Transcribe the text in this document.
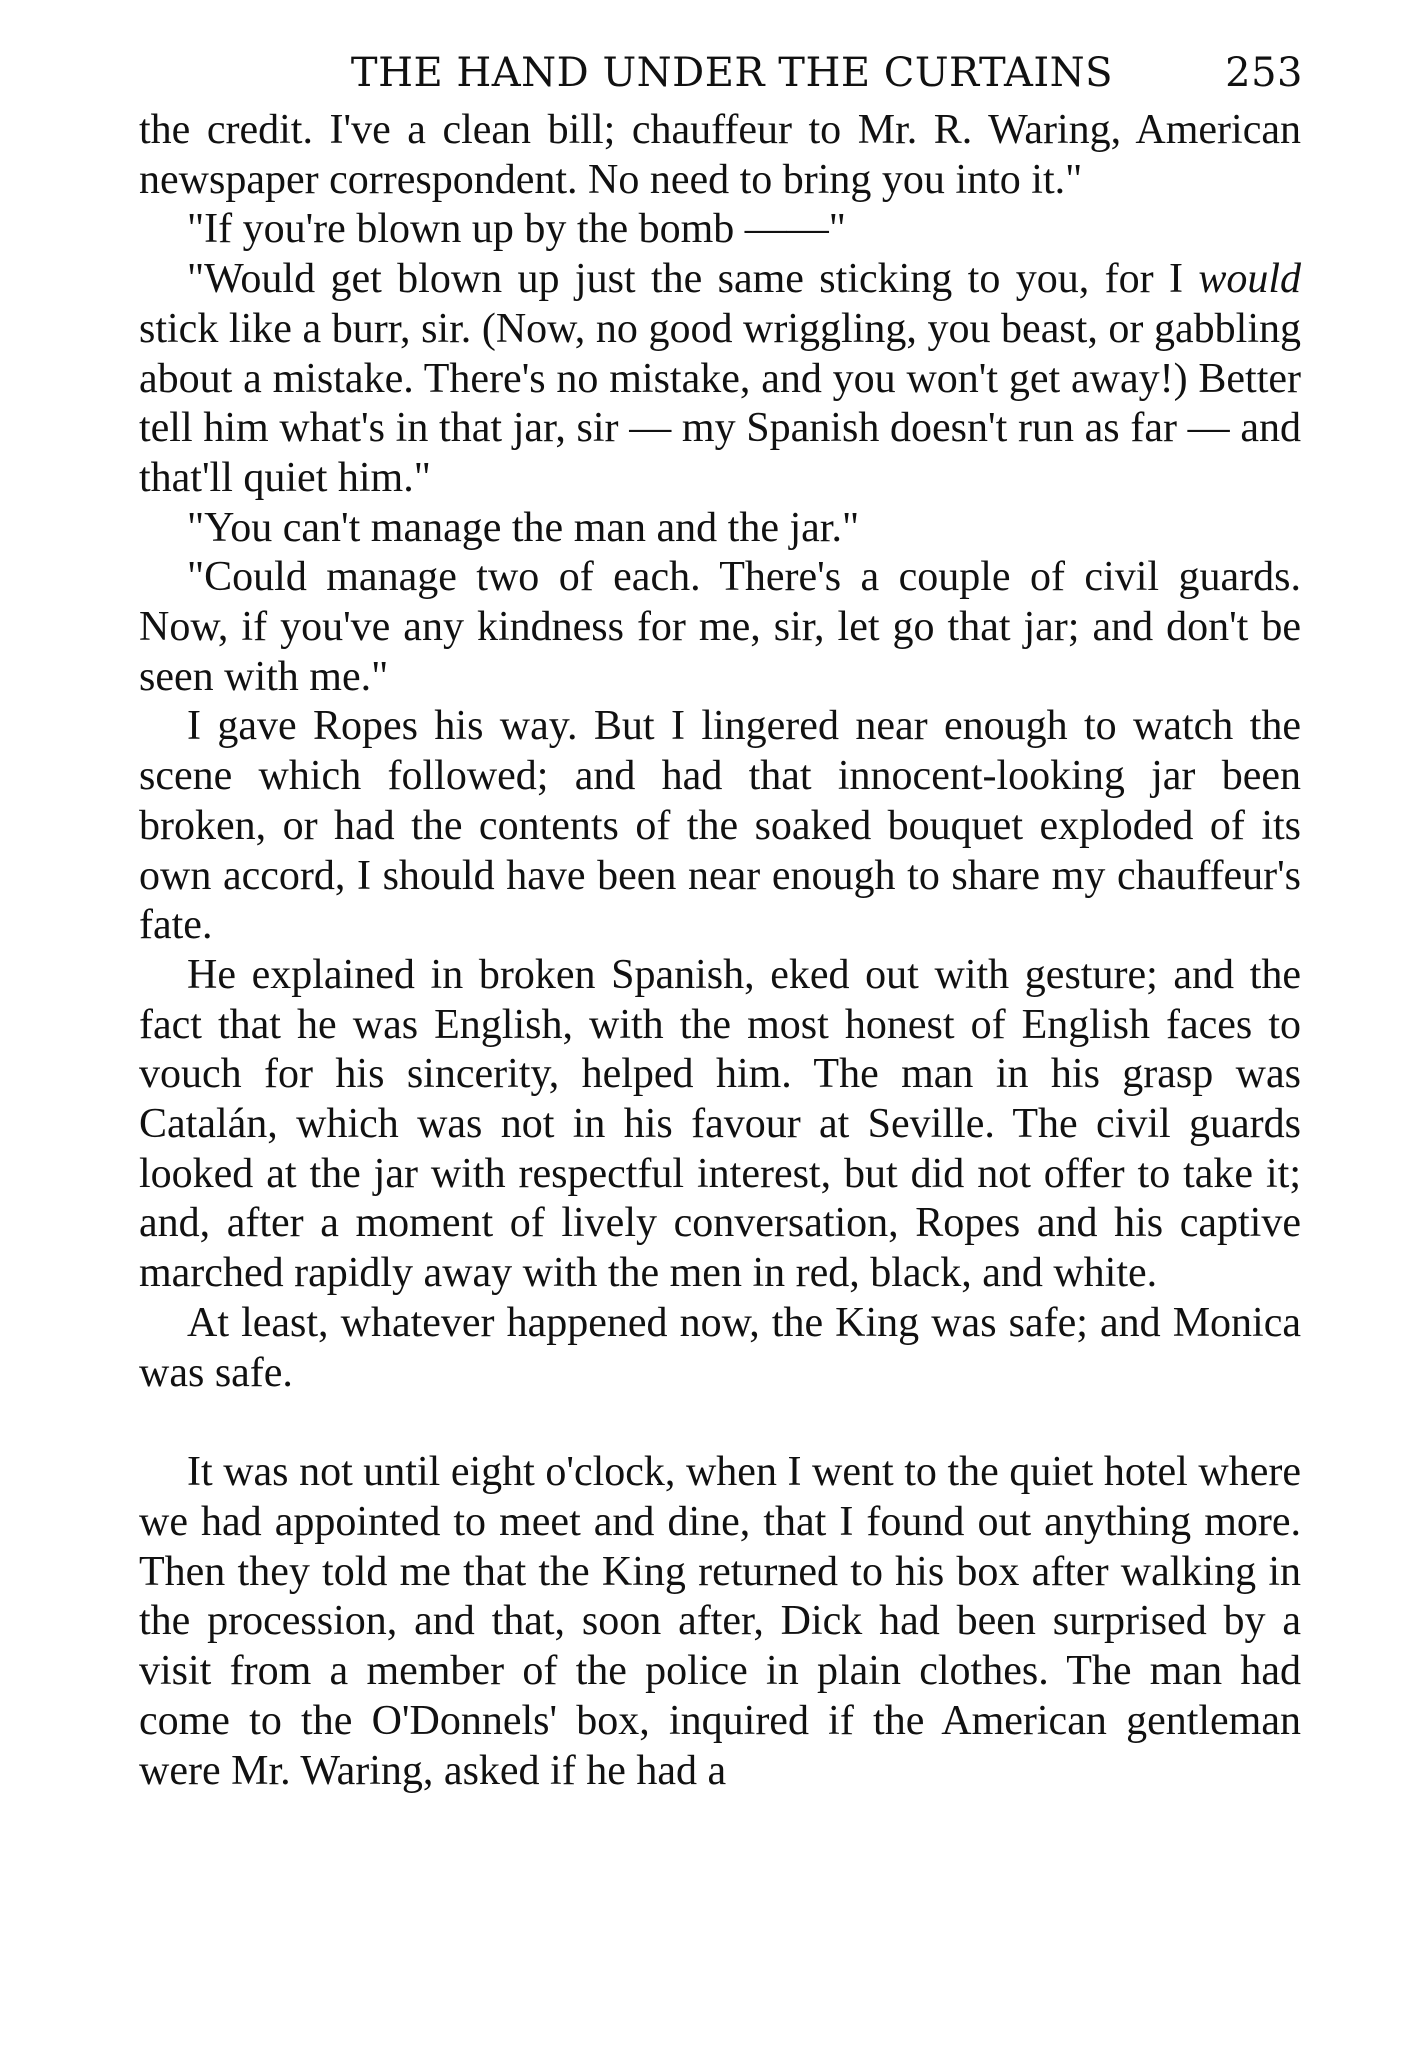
THE HAND UNDER THE CURTAINS	253

the credit. I've a clean bill; chauffeur to Mr. R. Waring, American newspaper correspondent. No need to bring you into it."

"If you're blown up by the bomb ——"

"Would get blown up just the same sticking to you, for I would stick like a burr, sir. (Now, no good wriggling, you beast, or gabbling about a mistake. There's no mistake, and you won't get away!) Better tell him what's in that jar, sir — my Spanish doesn't run as far — and that'll quiet him."

"You can't manage the man and the jar."

"Could manage two of each. There's a couple of civil guards. Now, if you've any kindness for me, sir, let go that jar; and don't be seen with me."

I gave Ropes his way. But I lingered near enough to watch the scene which followed; and had that innocent-looking jar been broken, or had the contents of the soaked bouquet exploded of its own accord, I should have been near enough to share my chauffeur's fate.

He explained in broken Spanish, eked out with gesture; and the fact that he was English, with the most honest of English faces to vouch for his sincerity, helped him. The man in his grasp was Catalán, which was not in his favour at Seville. The civil guards looked at the jar with respectful interest, but did not offer to take it; and, after a moment of lively conversation, Ropes and his captive marched rapidly away with the men in red, black, and white.

At least, whatever happened now, the King was safe; and Monica was safe.

It was not until eight o'clock, when I went to the quiet hotel where we had appointed to meet and dine, that I found out anything more. Then they told me that the King returned to his box after walking in the procession, and that, soon after, Dick had been surprised by a visit from a member of the police in plain clothes. The man had come to the O'Donnels' box, inquired if the American gentleman were Mr. Waring, asked if he had a
